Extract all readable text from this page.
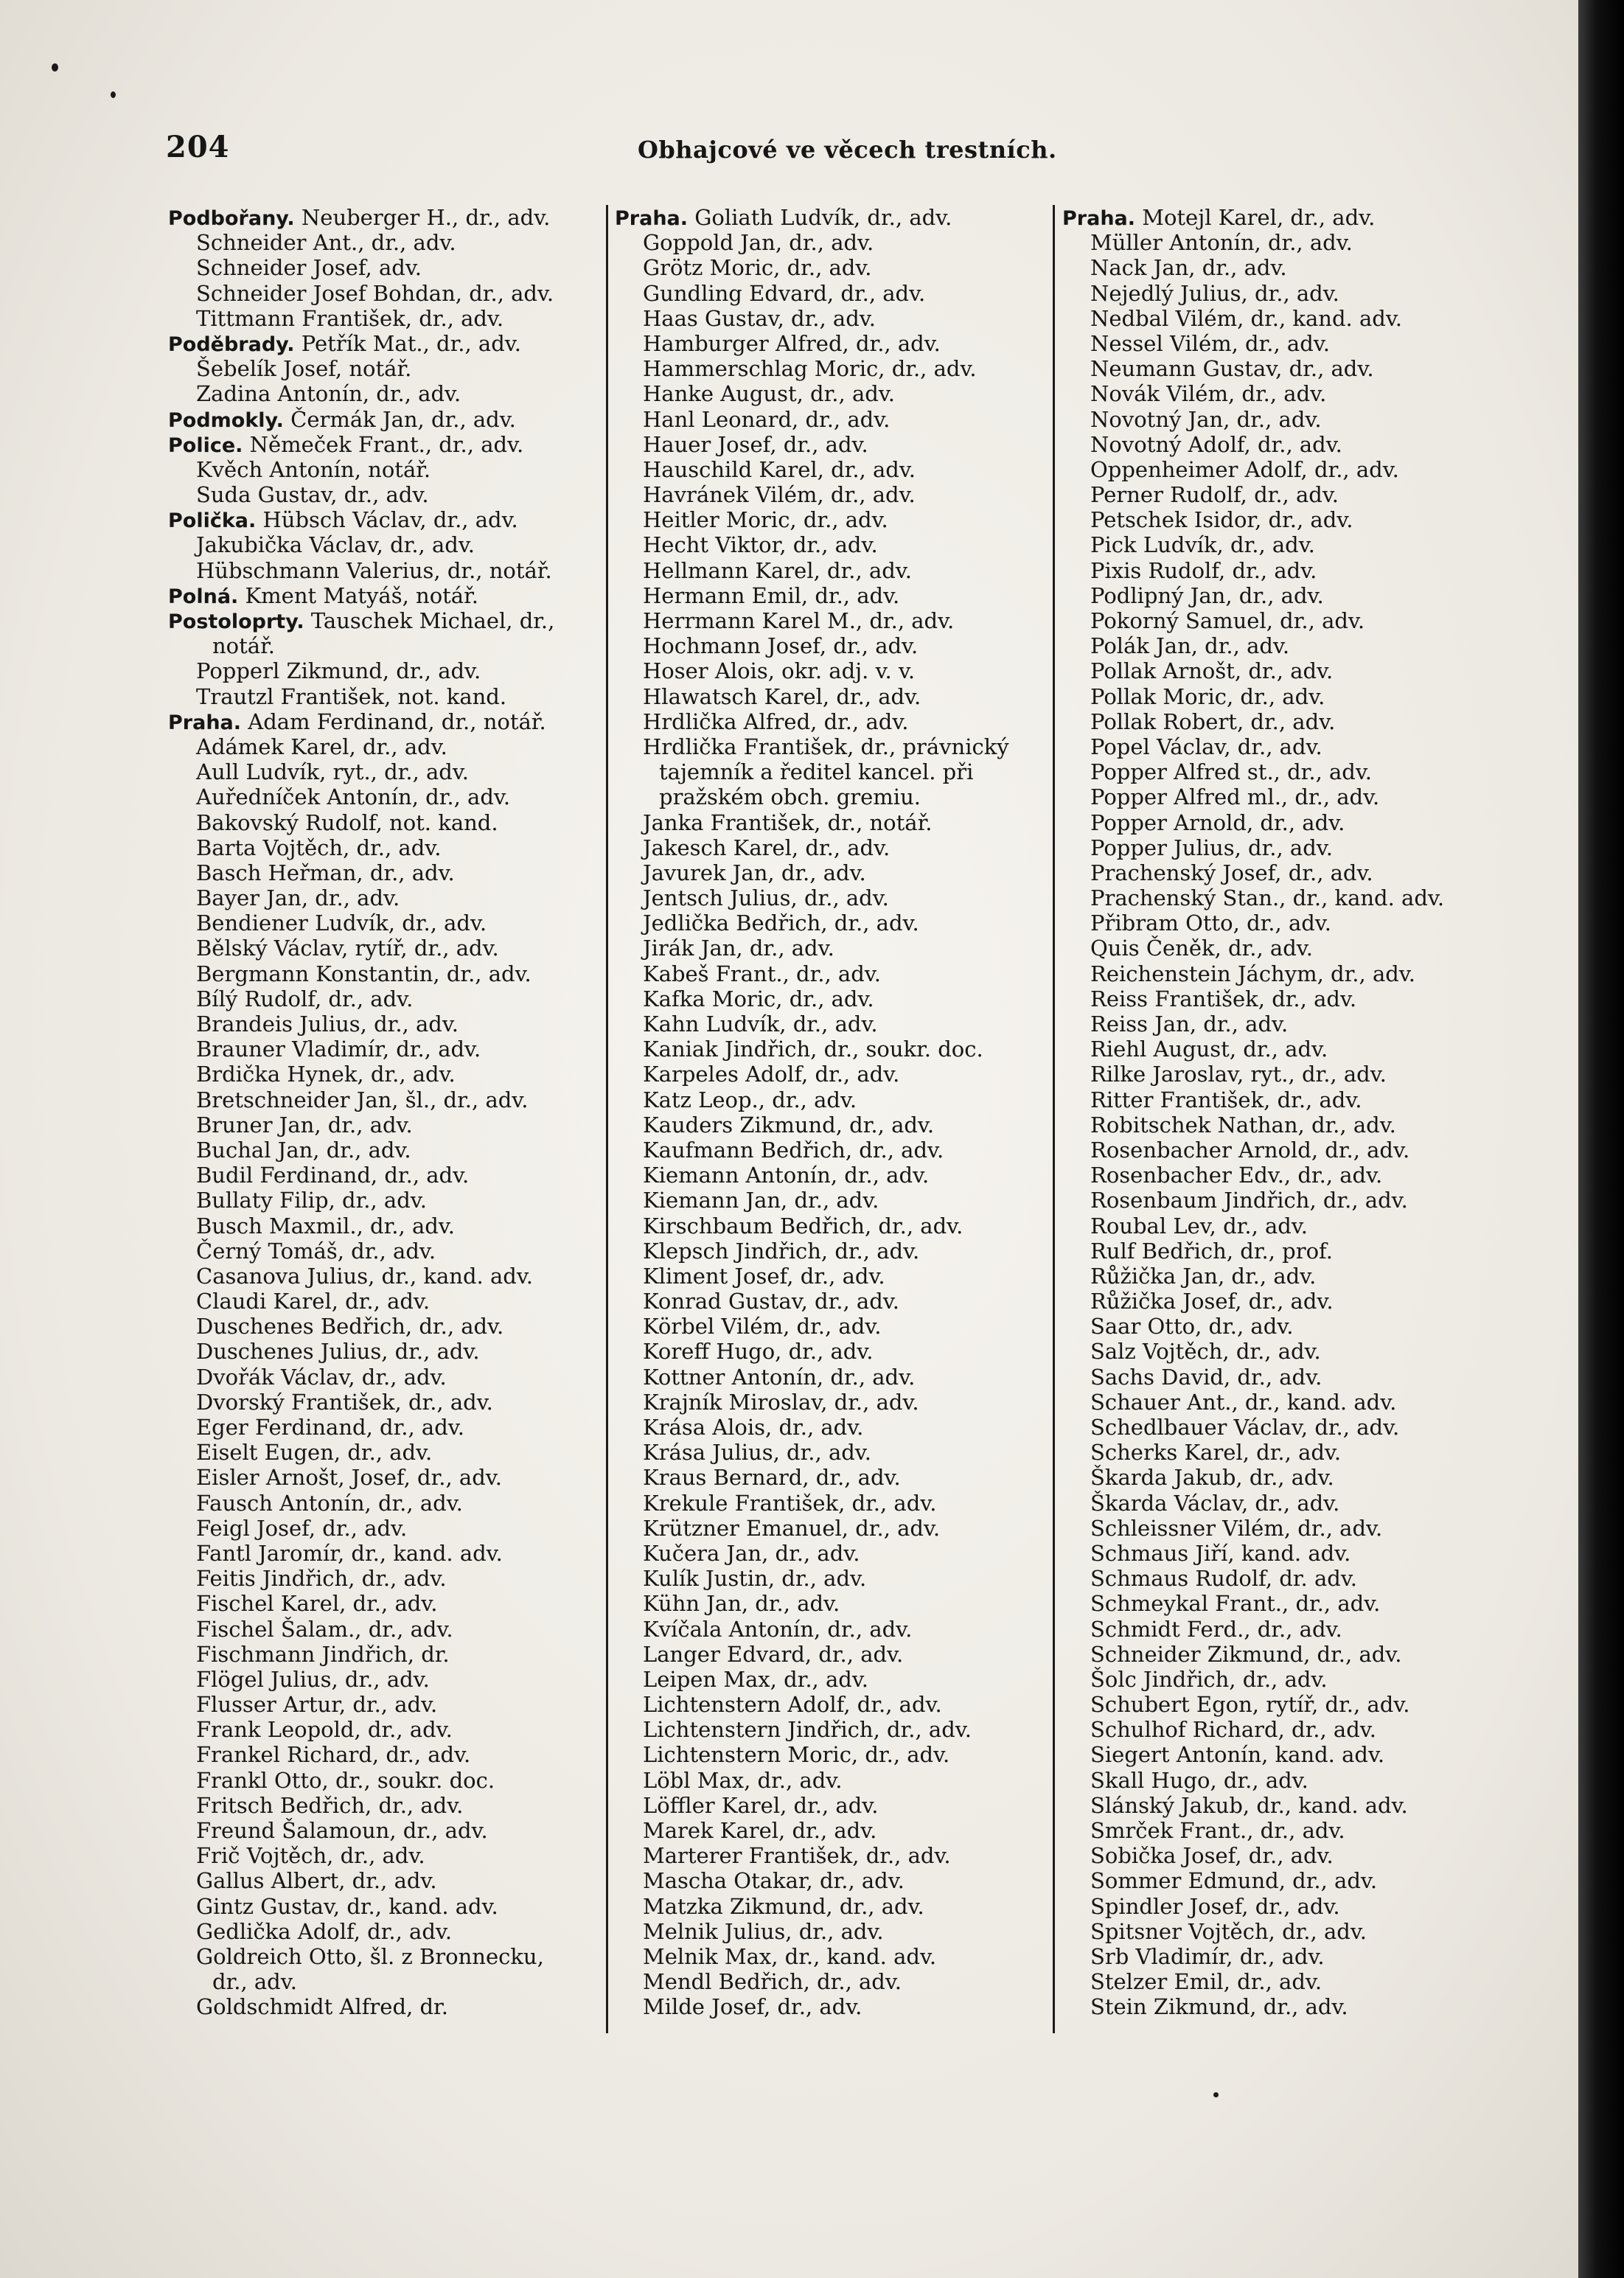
204	Obhajcové ve věcech trestních.
Podbořany. Neuberger H., dr., adv.
Schneider Ant., dr., adv.
Schneider Josef, adv.
Schneider Josef Bohdan, dr., adv.
Tittmann František, dr., adv.
Poděbrady. Petřík Mat., dr., adv.
Šebelík Josef, notář.
Zadina Antonín, dr., adv.
Podmokly. Čermák Jan, dr., adv.
Police. Němeček Frant., dr., adv.
Kvěch Antonín, notář.
Suda Gustav, dr., adv.
Polička. Hübsch Václav, dr., adv.
Jakubička Václav, dr., adv.
Hübschmann Valerius, dr., notář.
Polná. Kment Matyáš, notář.
Postoloprty. Tauschek Michael, dr.,
notář.
Popperl Zikmund, dr., adv.
Trautzl František, not. kand.
Praha. Adam Ferdinand, dr., notář.
Adámek Karel, dr., adv.
Aull Ludvík, ryt., dr., adv.
Auředníček Antonín, dr., adv.
Bakovský Rudolf, not. kand.
Barta Vojtěch, dr., adv.
Basch Heřman, dr., adv.
Bayer Jan, dr., adv.
Bendiener Ludvík, dr., adv.
Bělský Václav, rytíř, dr., adv.
Bergmann Konstantin, dr., adv.
Bílý Rudolf, dr., adv.
Brandeis Julius, dr., adv.
Brauner Vladimír, dr., adv.
Brdička Hynek, dr., adv.
Bretschneider Jan, šl., dr., adv.
Bruner Jan, dr., adv.
Buchal Jan, dr., adv.
Budil Ferdinand, dr., adv.
Bullaty Filip, dr., adv.
Busch Maxmil., dr., adv.
Černý Tomáš, dr., adv.
Casanova Julius, dr., kand. adv.
Claudi Karel, dr., adv.
Duschenes Bedřich, dr., adv.
Duschenes Julius, dr., adv.
Dvořák Václav, dr., adv.
Dvorský František, dr., adv.
Eger Ferdinand, dr., adv.
Eiselt Eugen, dr., adv.
Eisler Arnošt, Josef, dr., adv.
Fausch Antonín, dr., adv.
Feigl Josef, dr., adv.
Fantl Jaromír, dr., kand. adv.
Feitis Jindřich, dr., adv.
Fischel Karel, dr., adv.
Fischel Šalam., dr., adv.
Fischmann Jindřich, dr.
Flögel Julius, dr., adv.
Flusser Artur, dr., adv.
Frank Leopold, dr., adv.
Frankel Richard, dr., adv.
Frankl Otto, dr., soukr. doc.
Fritsch Bedřich, dr., adv.
Freund Šalamoun, dr., adv.
Frič Vojtěch, dr., adv.
Gallus Albert, dr., adv.
Gintz Gustav, dr., kand. adv.
Gedlička Adolf, dr., adv.
Goldreich Otto, šl. z Bronnecku,
dr., adv.
Goldschmidt Alfred, dr.
Praha. Goliath Ludvík, dr., adv.
Goppold Jan, dr., adv.
Grötz Moric, dr., adv.
Gundling Edvard, dr., adv.
Haas Gustav, dr., adv.
Hamburger Alfred, dr., adv.
Hammerschlag Moric, dr., adv.
Hanke August, dr., adv.
Hanl Leonard, dr., adv.
Hauer Josef, dr., adv.
Hauschild Karel, dr., adv.
Havránek Vilém, dr., adv.
Heitler Moric, dr., adv.
Hecht Viktor, dr., adv.
Hellmann Karel, dr., adv.
Hermann Emil, dr., adv.
Herrmann Karel M., dr., adv.
Hochmann Josef, dr., adv.
Hoser Alois, okr. adj. v. v.
Hlawatsch Karel, dr., adv.
Hrdlička Alfred, dr., adv.
Hrdlička František, dr., právnický
tajemník a ředitel kancel. při
pražském obch. gremiu.
Janka František, dr., notář.
Jakesch Karel, dr., adv.
Javurek Jan, dr., adv.
Jentsch Julius, dr., adv.
Jedlička Bedřich, dr., adv.
Jirák Jan, dr., adv.
Kabeš Frant., dr., adv.
Kafka Moric, dr., adv.
Kahn Ludvík, dr., adv.
Kaniak Jindřich, dr., soukr. doc.
Karpeles Adolf, dr., adv.
Katz Leop., dr., adv.
Kauders Zikmund, dr., adv.
Kaufmann Bedřich, dr., adv.
Kiemann Antonín, dr., adv.
Kiemann Jan, dr., adv.
Kirschbaum Bedřich, dr., adv.
Klepsch Jindřich, dr., adv.
Kliment Josef, dr., adv.
Konrad Gustav, dr., adv.
Körbel Vilém, dr., adv.
Koreff Hugo, dr., adv.
Kottner Antonín, dr., adv.
Krajník Miroslav, dr., adv.
Krása Alois, dr., adv.
Krása Julius, dr., adv.
Kraus Bernard, dr., adv.
Krekule František, dr., adv.
Krützner Emanuel, dr., adv.
Kučera Jan, dr., adv.
Kulík Justin, dr., adv.
Kühn Jan, dr., adv.
Kvíčala Antonín, dr., adv.
Langer Edvard, dr., adv.
Leipen Max, dr., adv.
Lichtenstern Adolf, dr., adv.
Lichtenstern Jindřich, dr., adv.
Lichtenstern Moric, dr., adv.
Löbl Max, dr., adv.
Löffler Karel, dr., adv.
Marek Karel, dr., adv.
Marterer František, dr., adv.
Mascha Otakar, dr., adv.
Matzka Zikmund, dr., adv.
Melnik Julius, dr., adv.
Melnik Max, dr., kand. adv.
Mendl Bedřich, dr., adv.
Milde Josef, dr., adv.
Praha. Motejl Karel, dr., adv.
Müller Antonín, dr., adv.
Nack Jan, dr., adv.
Nejedlý Julius, dr., adv.
Nedbal Vilém, dr., kand. adv.
Nessel Vilém, dr., adv.
Neumann Gustav, dr., adv.
Novák Vilém, dr., adv.
Novotný Jan, dr., adv.
Novotný Adolf, dr., adv.
Oppenheimer Adolf, dr., adv.
Perner Rudolf, dr., adv.
Petschek Isidor, dr., adv.
Pick Ludvík, dr., adv.
Pixis Rudolf, dr., adv.
Podlipný Jan, dr., adv.
Pokorný Samuel, dr., adv.
Polák Jan, dr., adv.
Pollak Arnošt, dr., adv.
Pollak Moric, dr., adv.
Pollak Robert, dr., adv.
Popel Václav, dr., adv.
Popper Alfred st., dr., adv.
Popper Alfred ml., dr., adv.
Popper Arnold, dr., adv.
Popper Julius, dr., adv.
Prachenský Josef, dr., adv.
Prachenský Stan., dr., kand. adv.
Přibram Otto, dr., adv.
Quis Čeněk, dr., adv.
Reichenstein Jáchym, dr., adv.
Reiss František, dr., adv.
Reiss Jan, dr., adv.
Riehl August, dr., adv.
Rilke Jaroslav, ryt., dr., adv.
Ritter František, dr., adv.
Robitschek Nathan, dr., adv.
Rosenbacher Arnold, dr., adv.
Rosenbacher Edv., dr., adv.
Rosenbaum Jindřich, dr., adv.
Roubal Lev, dr., adv.
Rulf Bedřich, dr., prof.
Růžička Jan, dr., adv.
Růžička Josef, dr., adv.
Saar Otto, dr., adv.
Salz Vojtěch, dr., adv.
Sachs David, dr., adv.
Schauer Ant., dr., kand. adv.
Schedlbauer Václav, dr., adv.
Scherks Karel, dr., adv.
Škarda Jakub, dr., adv.
Škarda Václav, dr., adv.
Schleissner Vilém, dr., adv.
Schmaus Jiří, kand. adv.
Schmaus Rudolf, dr. adv.
Schmeykal Frant., dr., adv.
Schmidt Ferd., dr., adv.
Schneider Zikmund, dr., adv.
Šolc Jindřich, dr., adv.
Schubert Egon, rytíř, dr., adv.
Schulhof Richard, dr., adv.
Siegert Antonín, kand. adv.
Skall Hugo, dr., adv.
Slánský Jakub, dr., kand. adv.
Smrček Frant., dr., adv.
Sobička Josef, dr., adv.
Sommer Edmund, dr., adv.
Spindler Josef, dr., adv.
Spitsner Vojtěch, dr., adv.
Srb Vladimír, dr., adv.
Stelzer Emil, dr., adv.
Stein Zikmund, dr., adv.
